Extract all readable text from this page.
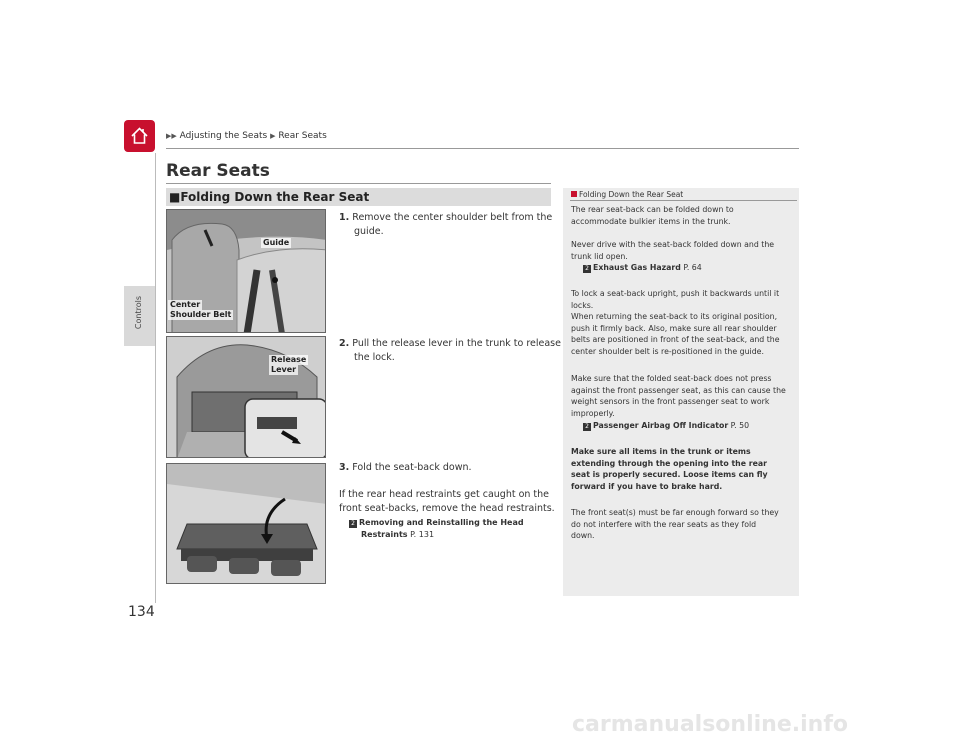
Controls
▶▶ Adjusting the Seats ▶ Rear Seats
Rear Seats
■Folding Down the Rear Seat
Guide
Center
Shoulder Belt
Release
Lever
1. Remove the center shoulder belt from the
guide.
2. Pull the release lever in the trunk to release
the lock.
3. Fold the seat-back down.
If the rear head restraints get caught on the
front seat-backs, remove the head restraints.
2 Removing and Reinstalling the Head
Restraints P. 131
Folding Down the Rear Seat
The rear seat-back can be folded down to
accommodate bulkier items in the trunk.
Never drive with the seat-back folded down and the
trunk lid open.
2 Exhaust Gas Hazard P. 64
To lock a seat-back upright, push it backwards until it
locks.
When returning the seat-back to its original position,
push it firmly back. Also, make sure all rear shoulder
belts are positioned in front of the seat-back, and the
center shoulder belt is re-positioned in the guide.
Make sure that the folded seat-back does not press
against the front passenger seat, as this can cause the
weight sensors in the front passenger seat to work
improperly.
2 Passenger Airbag Off Indicator P. 50
Make sure all items in the trunk or items
extending through the opening into the rear
seat is properly secured. Loose items can fly
forward if you have to brake hard.
The front seat(s) must be far enough forward so they
do not interfere with the rear seats as they fold
down.
134
carmanualsonline.info
